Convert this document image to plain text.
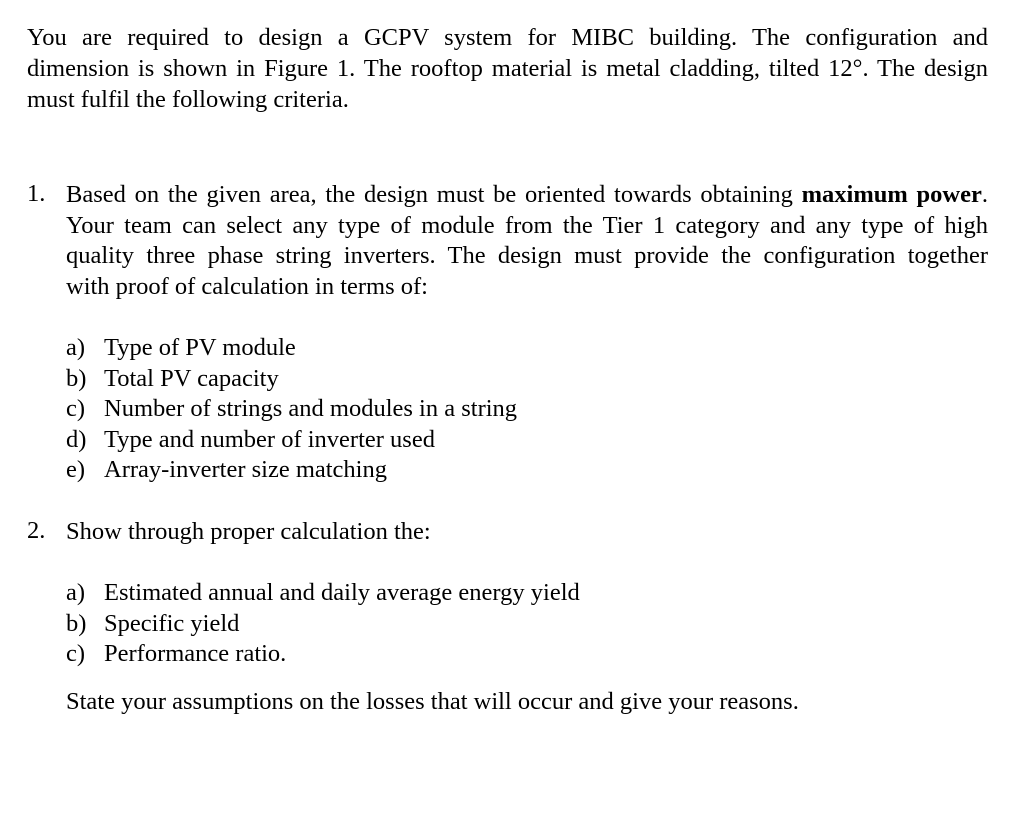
You are required to design a GCPV system for MIBC building. The configuration and
dimension is shown in Figure 1. The rooftop material is metal cladding, tilted 12°. The design
must fulfil the following criteria.
1. Based on the given area, the design must be oriented towards obtaining maximum power.
Your team can select any type of module from the Tier 1 category and any type of high
quality three phase string inverters. The design must provide the configuration together
with proof of calculation in terms of:
a) Type of PV module
b) Total PV capacity
c) Number of strings and modules in a string
d) Type and number of inverter used
e) Array-inverter size matching
2. Show through proper calculation the:
a) Estimated annual and daily average energy yield
b) Specific yield
c) Performance ratio.
State your assumptions on the losses that will occur and give your reasons.
